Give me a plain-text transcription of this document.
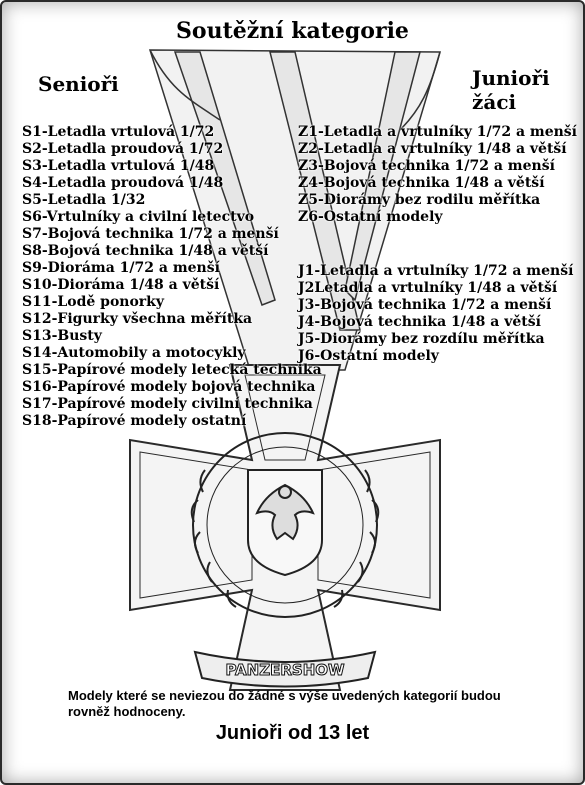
PANZERSHOW
Soutěžní kategorie
Senioři	Junioři
žáci
S1-Letadla vrtulová 1/72
S2-Letadla proudová 1/72
S3-Letadla vrtulová 1/48
S4-Letadla proudová 1/48
S5-Letadla 1/32
S6-Vrtulníky a civilní letectvo
S7-Bojová technika 1/72 a menší
S8-Bojová technika 1/48 a větší
S9-Dioráma 1/72 a menší
S10-Dioráma 1/48 a větší
S11-Lodě ponorky
S12-Figurky všechna měřítka
S13-Busty
S14-Automobily a motocykly
S15-Papírové modely letecká technika
S16-Papírové modely bojová technika
S17-Papírové modely civilní technika
S18-Papírové modely ostatní
Z1-Letadla a vrtulníky 1/72 a menší
Z2-Letadla a vrtulníky 1/48 a větší
Z3-Bojová technika 1/72 a menší
Z4-Bojová technika 1/48 a větší
Z5-Diorámy bez rodilu měřítka
Z6-Ostatní modely
J1-Letadla a vrtulníky 1/72 a menší
J2Letadla a vrtulníky 1/48 a větší
J3-Bojová technika 1/72 a menší
J4-Bojová technika 1/48 a větší
J5-Diorámy bez rozdílu měřítka
J6-Ostatní modely
Modely které se neviezou do žádné s výše uvedených kategorií budou rovněž hodnoceny.
Junioři od 13 let
